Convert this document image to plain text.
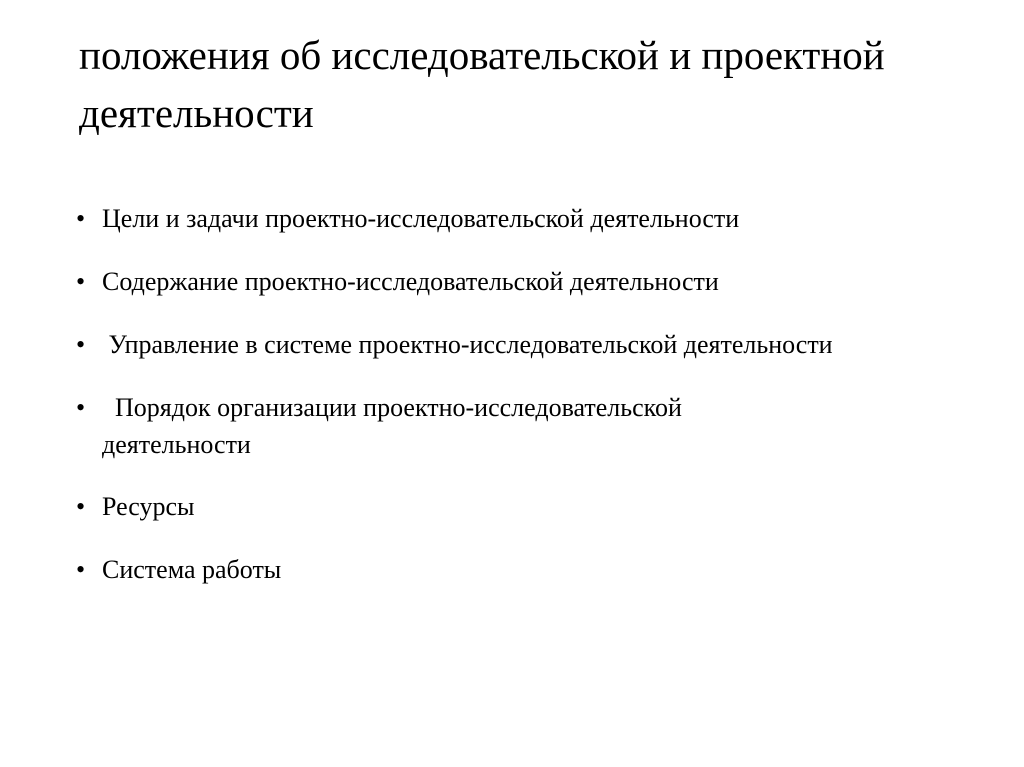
положения об исследовательской и проектной деятельности
• Цели и задачи проектно-исследовательской деятельности
• Содержание проектно-исследовательской деятельности
• Управление в системе проектно-исследовательской деятельности
• Порядок организации проектно-исследовательской деятельности
• Ресурсы
• Система работы
